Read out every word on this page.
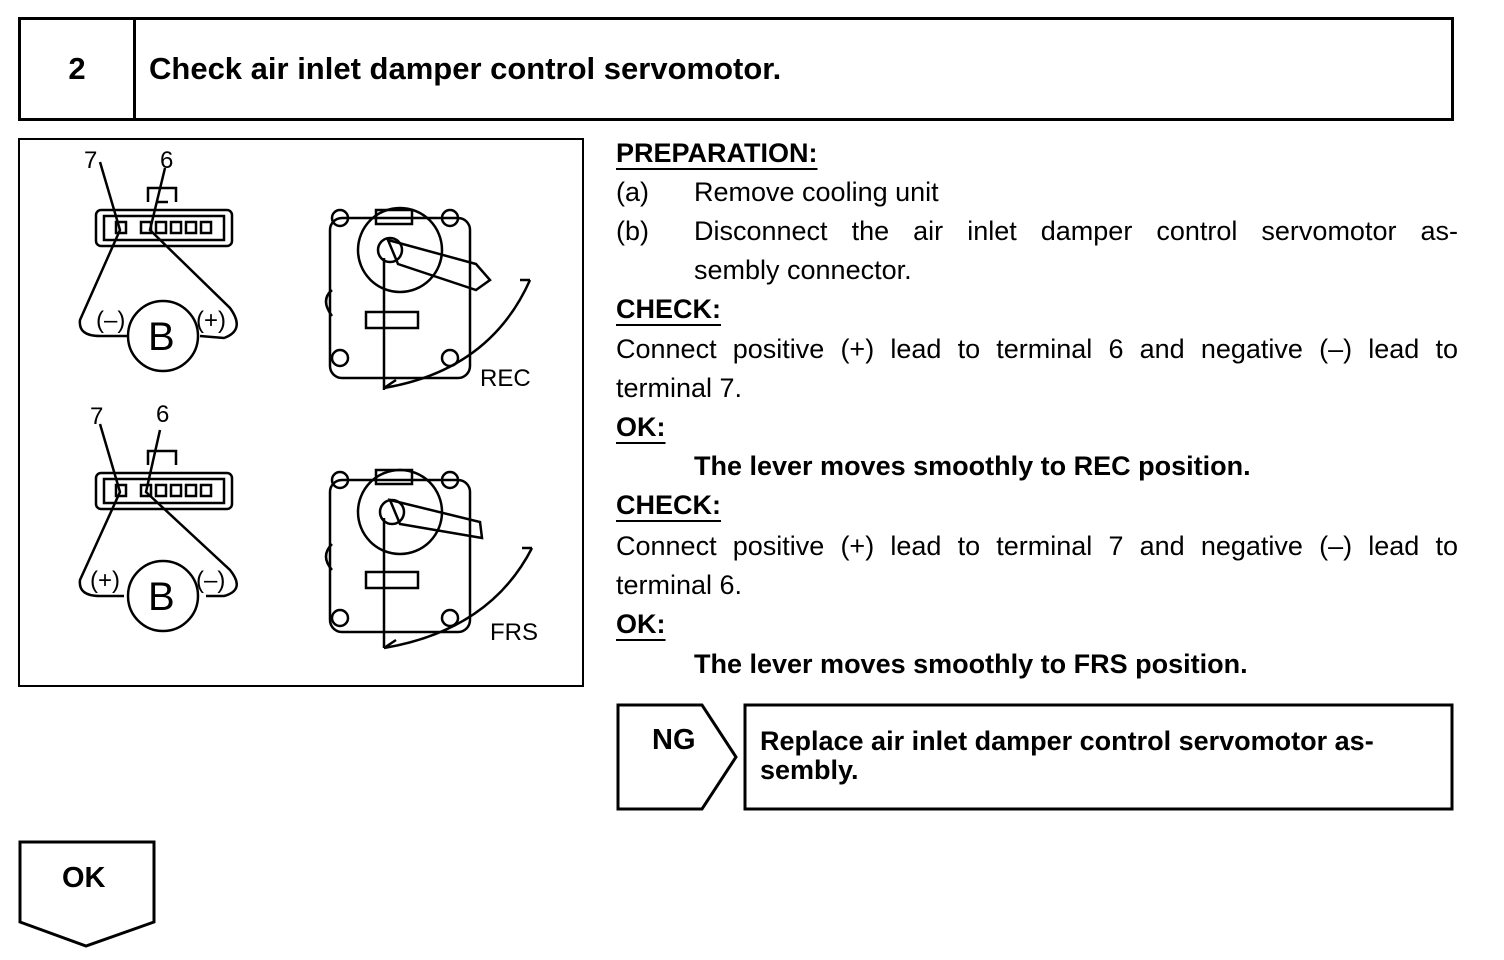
2	Check air inlet damper control servomotor.
7	6
(–)	(+)
B
REC
7 6
(+)	(–)
B
FRS
PREPARATION:
(a) Remove cooling unit
(b) Disconnect the air inlet damper control servomotor as-
sembly connector.
CHECK:
Connect positive (+) lead to terminal 6 and negative (–) lead to
terminal 7.
OK:
The lever moves smoothly to REC position.
CHECK:
Connect positive (+) lead to terminal 7 and negative (–) lead to
terminal 6.
OK:
The lever moves smoothly to FRS position.
NG Replace air inlet damper control servomotor as-
sembly.
OK
